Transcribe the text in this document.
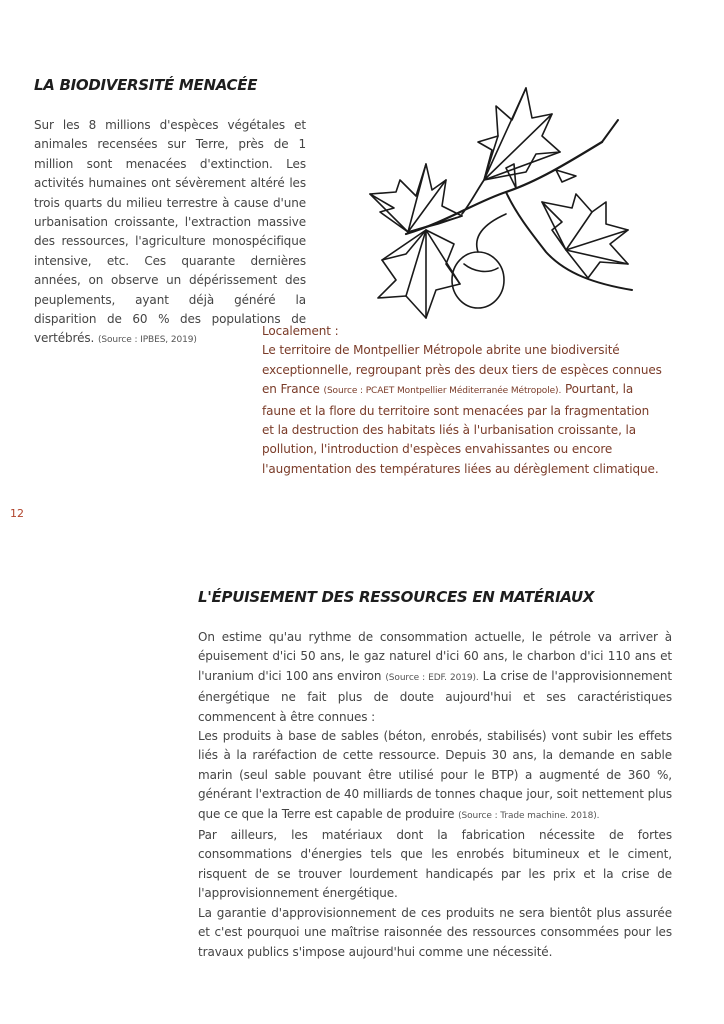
LA BIODIVERSITÉ MENACÉE

Sur les 8 millions d'espèces végétales et animales recensées sur Terre, près de 1 million sont menacées d'extinction. Les activités humaines ont sévèrement altéré les trois quarts du milieu terrestre à cause d'une urbanisation croissante, l'extraction massive des ressources, l'agriculture monospécifique intensive, etc. Ces quarante dernières années, on observe un dépérissement des peuplements, ayant déjà généré la disparition de 60 % des populations de vertébrés. (Source : IPBES, 2019)

Localement :

Le territoire de Montpellier Métropole abrite une biodiversité exceptionnelle, regroupant près des deux tiers de espèces connues en France (Source : PCAET Montpellier Méditerranée Métropole). Pourtant, la faune et la flore du territoire sont menacées par la fragmentation et la destruction des habitats liés à l'urbanisation croissante, la pollution, l'introduction d'espèces envahissantes ou encore l'augmentation des températures liées au dérèglement climatique.

12
L'ÉPUISEMENT DES RESSOURCES EN MATÉRIAUX

On estime qu'au rythme de consommation actuelle, le pétrole va arriver à épuisement d'ici 50 ans, le gaz naturel d'ici 60 ans, le charbon d'ici 110 ans et l'uranium d'ici 100 ans environ (Source : EDF. 2019). La crise de l'approvisionnement énergétique ne fait plus de doute aujourd'hui et ses caractéristiques commencent à être connues :

Les produits à base de sables (béton, enrobés, stabilisés) vont subir les effets liés à la raréfaction de cette ressource. Depuis 30 ans, la demande en sable marin (seul sable pouvant être utilisé pour le BTP) a augmenté de 360 %, générant l'extraction de 40 milliards de tonnes chaque jour, soit nettement plus que ce que la Terre est capable de produire (Source : Trade machine. 2018).

Par ailleurs, les matériaux dont la fabrication nécessite de fortes consommations d'énergies tels que les enrobés bitumineux et le ciment, risquent de se trouver lourdement handicapés par les prix et la crise de l'approvisionnement énergétique.

La garantie d'approvisionnement de ces produits ne sera bientôt plus assurée et c'est pourquoi une maîtrise raisonnée des ressources consommées pour les travaux publics s'impose aujourd'hui comme une nécessité.
